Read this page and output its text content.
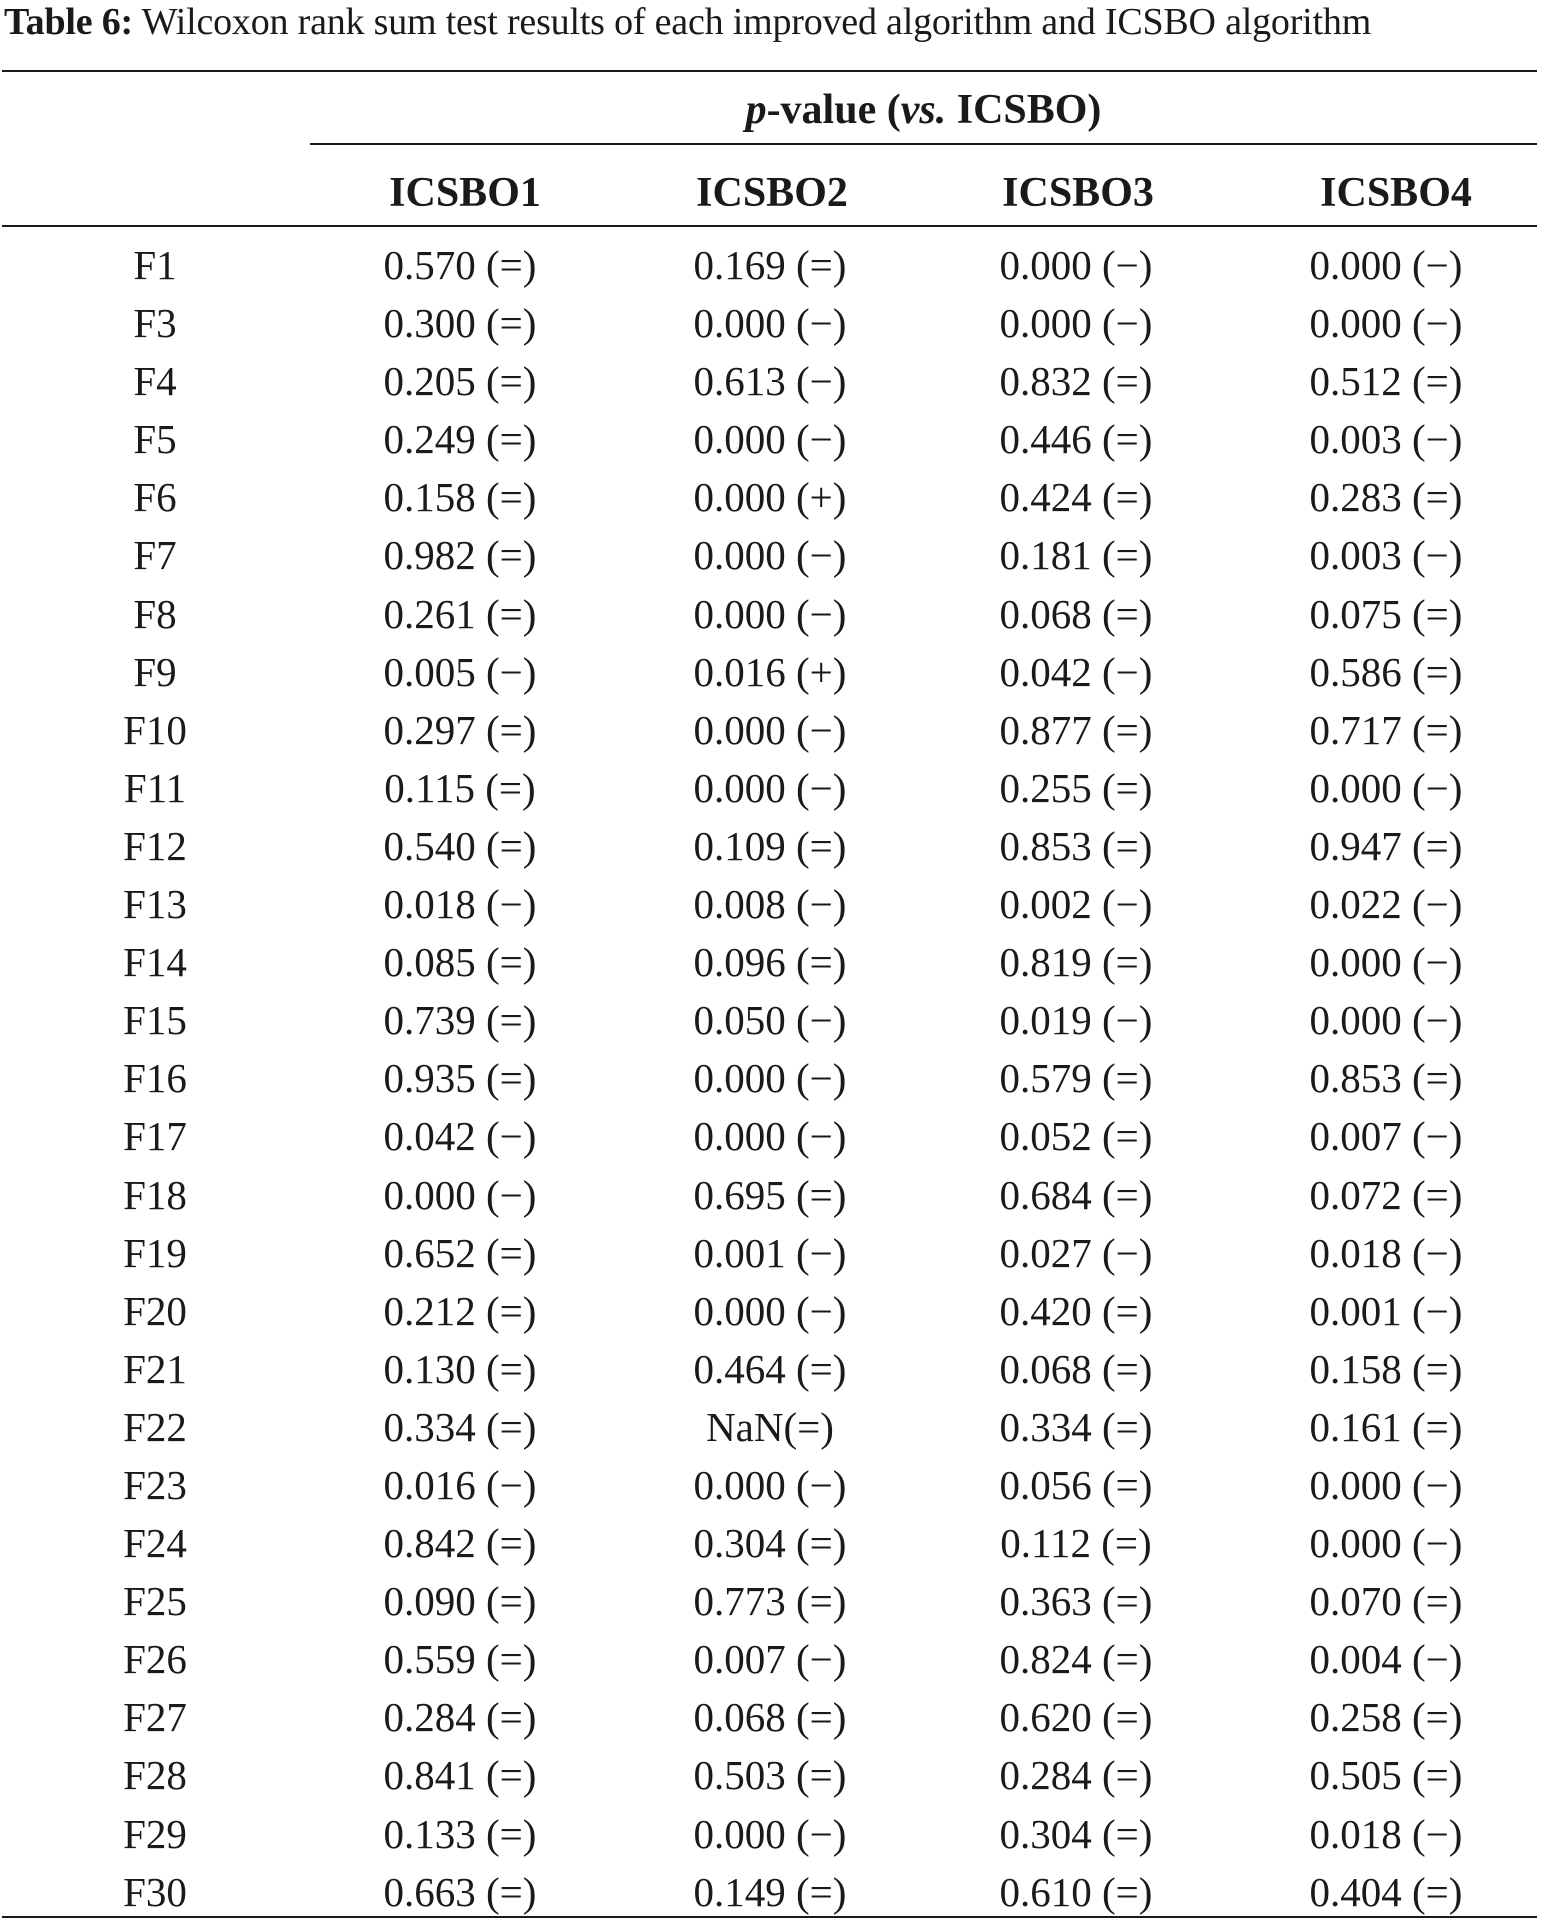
Table 6: Wilcoxon rank sum test results of each improved algorithm and ICSBO algorithm
p-value (vs. ICSBO)
ICSBO1	ICSBO2	ICSBO3	ICSBO4
F1	0.570 (=)	0.169 (=)	0.000 (−)	0.000 (−)
F3	0.300 (=)	0.000 (−)	0.000 (−)	0.000 (−)
F4	0.205 (=)	0.613 (−)	0.832 (=)	0.512 (=)
F5	0.249 (=)	0.000 (−)	0.446 (=)	0.003 (−)
F6	0.158 (=)	0.000 (+)	0.424 (=)	0.283 (=)
F7	0.982 (=)	0.000 (−)	0.181 (=)	0.003 (−)
F8	0.261 (=)	0.000 (−)	0.068 (=)	0.075 (=)
F9	0.005 (−)	0.016 (+)	0.042 (−)	0.586 (=)
F10	0.297 (=)	0.000 (−)	0.877 (=)	0.717 (=)
F11	0.115 (=)	0.000 (−)	0.255 (=)	0.000 (−)
F12	0.540 (=)	0.109 (=)	0.853 (=)	0.947 (=)
F13	0.018 (−)	0.008 (−)	0.002 (−)	0.022 (−)
F14	0.085 (=)	0.096 (=)	0.819 (=)	0.000 (−)
F15	0.739 (=)	0.050 (−)	0.019 (−)	0.000 (−)
F16	0.935 (=)	0.000 (−)	0.579 (=)	0.853 (=)
F17	0.042 (−)	0.000 (−)	0.052 (=)	0.007 (−)
F18	0.000 (−)	0.695 (=)	0.684 (=)	0.072 (=)
F19	0.652 (=)	0.001 (−)	0.027 (−)	0.018 (−)
F20	0.212 (=)	0.000 (−)	0.420 (=)	0.001 (−)
F21	0.130 (=)	0.464 (=)	0.068 (=)	0.158 (=)
F22	0.334 (=)	NaN(=)	0.334 (=)	0.161 (=)
F23	0.016 (−)	0.000 (−)	0.056 (=)	0.000 (−)
F24	0.842 (=)	0.304 (=)	0.112 (=)	0.000 (−)
F25	0.090 (=)	0.773 (=)	0.363 (=)	0.070 (=)
F26	0.559 (=)	0.007 (−)	0.824 (=)	0.004 (−)
F27	0.284 (=)	0.068 (=)	0.620 (=)	0.258 (=)
F28	0.841 (=)	0.503 (=)	0.284 (=)	0.505 (=)
F29	0.133 (=)	0.000 (−)	0.304 (=)	0.018 (−)
F30	0.663 (=)	0.149 (=)	0.610 (=)	0.404 (=)
